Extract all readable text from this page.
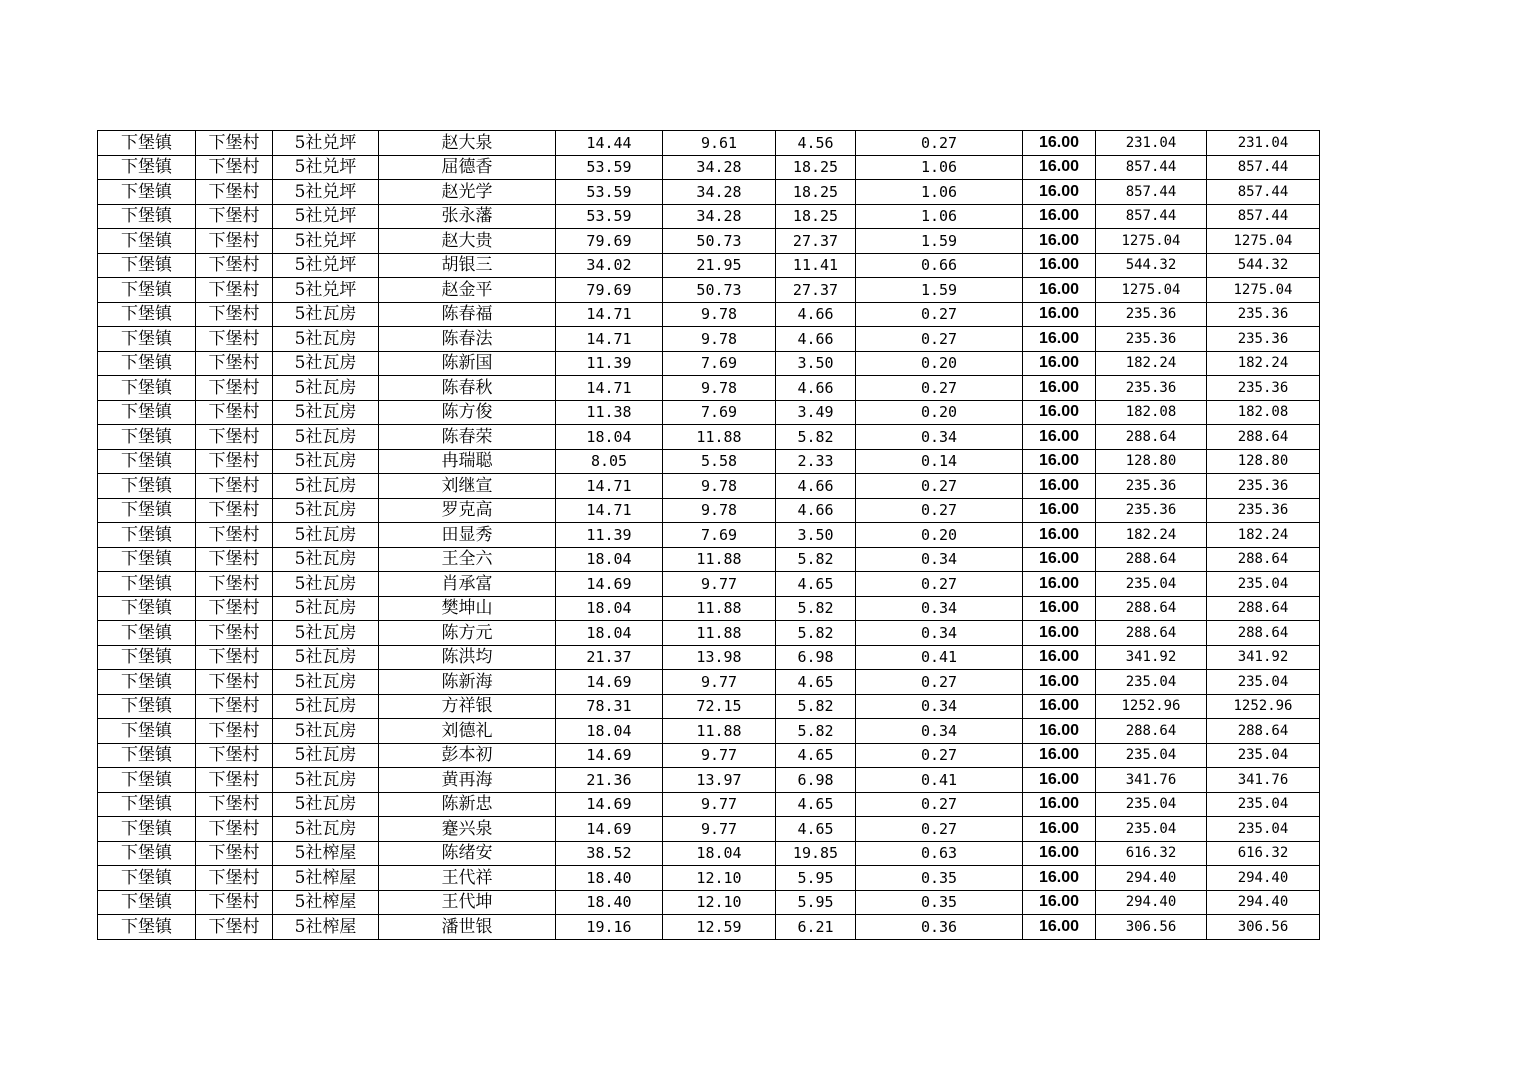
下堡镇	下堡村	5社兑坪	赵大泉	14.44	9.61	4.56	0.27	16.00	231.04	231.04
下堡镇	下堡村	5社兑坪	屈德香	53.59	34.28	18.25	1.06	16.00	857.44	857.44
下堡镇	下堡村	5社兑坪	赵光学	53.59	34.28	18.25	1.06	16.00	857.44	857.44
下堡镇	下堡村	5社兑坪	张永藩	53.59	34.28	18.25	1.06	16.00	857.44	857.44
下堡镇	下堡村	5社兑坪	赵大贵	79.69	50.73	27.37	1.59	16.00	1275.04	1275.04
下堡镇	下堡村	5社兑坪	胡银三	34.02	21.95	11.41	0.66	16.00	544.32	544.32
下堡镇	下堡村	5社兑坪	赵金平	79.69	50.73	27.37	1.59	16.00	1275.04	1275.04
下堡镇	下堡村	5社瓦房	陈春福	14.71	9.78	4.66	0.27	16.00	235.36	235.36
下堡镇	下堡村	5社瓦房	陈春法	14.71	9.78	4.66	0.27	16.00	235.36	235.36
下堡镇	下堡村	5社瓦房	陈新国	11.39	7.69	3.50	0.20	16.00	182.24	182.24
下堡镇	下堡村	5社瓦房	陈春秋	14.71	9.78	4.66	0.27	16.00	235.36	235.36
下堡镇	下堡村	5社瓦房	陈方俊	11.38	7.69	3.49	0.20	16.00	182.08	182.08
下堡镇	下堡村	5社瓦房	陈春荣	18.04	11.88	5.82	0.34	16.00	288.64	288.64
下堡镇	下堡村	5社瓦房	冉瑞聪	8.05	5.58	2.33	0.14	16.00	128.80	128.80
下堡镇	下堡村	5社瓦房	刘继宣	14.71	9.78	4.66	0.27	16.00	235.36	235.36
下堡镇	下堡村	5社瓦房	罗克高	14.71	9.78	4.66	0.27	16.00	235.36	235.36
下堡镇	下堡村	5社瓦房	田显秀	11.39	7.69	3.50	0.20	16.00	182.24	182.24
下堡镇	下堡村	5社瓦房	王全六	18.04	11.88	5.82	0.34	16.00	288.64	288.64
下堡镇	下堡村	5社瓦房	肖承富	14.69	9.77	4.65	0.27	16.00	235.04	235.04
下堡镇	下堡村	5社瓦房	樊坤山	18.04	11.88	5.82	0.34	16.00	288.64	288.64
下堡镇	下堡村	5社瓦房	陈方元	18.04	11.88	5.82	0.34	16.00	288.64	288.64
下堡镇	下堡村	5社瓦房	陈洪均	21.37	13.98	6.98	0.41	16.00	341.92	341.92
下堡镇	下堡村	5社瓦房	陈新海	14.69	9.77	4.65	0.27	16.00	235.04	235.04
下堡镇	下堡村	5社瓦房	方祥银	78.31	72.15	5.82	0.34	16.00	1252.96	1252.96
下堡镇	下堡村	5社瓦房	刘德礼	18.04	11.88	5.82	0.34	16.00	288.64	288.64
下堡镇	下堡村	5社瓦房	彭本初	14.69	9.77	4.65	0.27	16.00	235.04	235.04
下堡镇	下堡村	5社瓦房	黄再海	21.36	13.97	6.98	0.41	16.00	341.76	341.76
下堡镇	下堡村	5社瓦房	陈新忠	14.69	9.77	4.65	0.27	16.00	235.04	235.04
下堡镇	下堡村	5社瓦房	蹇兴泉	14.69	9.77	4.65	0.27	16.00	235.04	235.04
下堡镇	下堡村	5社榨屋	陈绪安	38.52	18.04	19.85	0.63	16.00	616.32	616.32
下堡镇	下堡村	5社榨屋	王代祥	18.40	12.10	5.95	0.35	16.00	294.40	294.40
下堡镇	下堡村	5社榨屋	王代坤	18.40	12.10	5.95	0.35	16.00	294.40	294.40
下堡镇	下堡村	5社榨屋	潘世银	19.16	12.59	6.21	0.36	16.00	306.56	306.56
